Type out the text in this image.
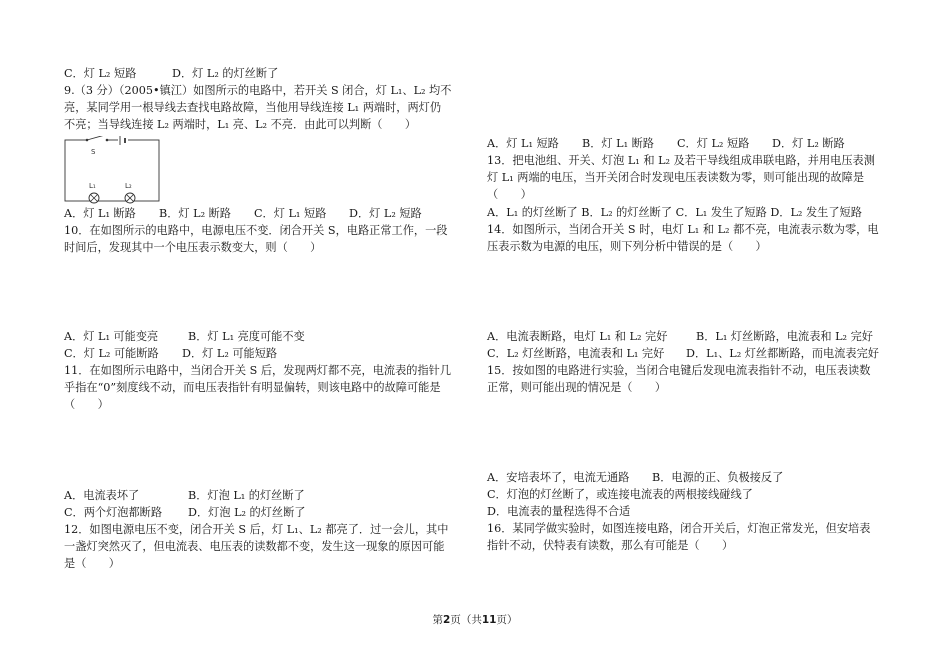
C．灯 L₂ 短路	D．灯 L₂ 的灯丝断了
9.（3 分）（2005•镇江）如图所示的电路中，若开关 S 闭合，灯 L₁、L₂ 均不
亮，某同学用一根导线去查找电路故障，当他用导线连接 L₁ 两端时，两灯仍
不亮；当导线连接 L₂ 两端时，L₁ 亮、L₂ 不亮．由此可以判断（　　）
S
L₁	L₂
A．灯 L₁ 断路 B．灯 L₂ 断路 C．灯 L₁ 短路 D．灯 L₂ 短路
10．在如图所示的电路中，电源电压不变．闭合开关 S，电路正常工作，一段
时间后，发现其中一个电压表示数变大，则（　　）
A．灯 L₁ 可能变亮	B．灯 L₁ 亮度可能不变
C．灯 L₂ 可能断路 D．灯 L₂ 可能短路
11．在如图所示电路中，当闭合开关 S 后，发现两灯都不亮，电流表的指针几
乎指在“0”刻度线不动，而电压表指针有明显偏转，则该电路中的故障可能是
（　　）
A．电流表坏了	B．灯泡 L₁ 的灯丝断了
C．两个灯泡都断路 D．灯泡 L₂ 的灯丝断了
12．如图电源电压不变，闭合开关 S 后，灯 L₁、L₂ 都亮了．过一会儿，其中
一盏灯突然灭了，但电流表、电压表的读数都不变，发生这一现象的原因可能
是（　　）
A．灯 L₁ 短路 B．灯 L₁ 断路 C．灯 L₂ 短路 D．灯 L₂ 断路
13．把电池组、开关、灯泡 L₁ 和 L₂ 及若干导线组成串联电路，并用电压表测
灯 L₁ 两端的电压，当开关闭合时发现电压表读数为零，则可能出现的故障是
（　　）
A．L₁ 的灯丝断了 B．L₂ 的灯丝断了 C．L₁ 发生了短路 D．L₂ 发生了短路
14．如图所示，当闭合开关 S 时，电灯 L₁ 和 L₂ 都不亮，电流表示数为零，电
压表示数为电源的电压，则下列分析中错误的是（　　）
A．电流表断路，电灯 L₁ 和 L₂ 完好	B．L₁ 灯丝断路，电流表和 L₂ 完好
C．L₂ 灯丝断路，电流表和 L₁ 完好 D．L₁、L₂ 灯丝都断路，而电流表完好
15．按如图的电路进行实验，当闭合电键后发现电流表指针不动，电压表读数
正常，则可能出现的情况是（　　）
A．安培表坏了，电流无通路 B．电源的正、负极接反了
C．灯泡的灯丝断了，或连接电流表的两根接线碰线了
D．电流表的量程选得不合适
16．某同学做实验时，如图连接电路，闭合开关后，灯泡正常发光，但安培表
指针不动，伏特表有读数，那么有可能是（　　）
第2页（共11页）
